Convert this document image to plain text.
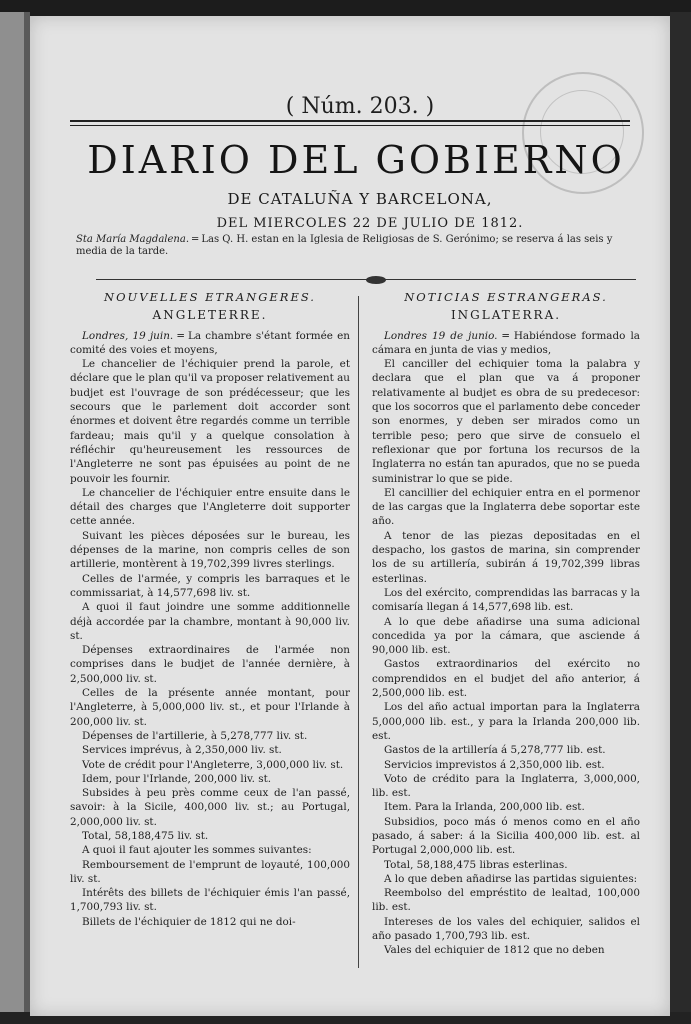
( Núm. 203. )
DIARIO DEL GOBIERNO
DE CATALUÑA Y BARCELONA,
DEL MIERCOLES 22 DE JULIO DE 1812.
Sta María Magdalena. ═ Las Q. H. estan en la Iglesia de Religiosas de S. Gerónimo; se reserva á las seis y media de la tarde.
NOUVELLES ETRANGERES.
ANGLETERRE.

Londres, 19 juin. ═ La chambre s'étant formée en comité des voies et moyens,

Le chancelier de l'échiquier prend la parole, et déclare que le plan qu'il va proposer relativement au budjet est l'ouvrage de son prédécesseur; que les secours que le parlement doit accorder sont énormes et doivent être regardés comme un terrible fardeau; mais qu'il y a quelque consolation à réfléchir qu'heureusement les ressources de l'Angleterre ne sont pas épuisées au point de ne pouvoir les fournir.

Le chancelier de l'échiquier entre ensuite dans le détail des charges que l'Angleterre doit supporter cette année.

Suivant les pièces déposées sur le bureau, les dépenses de la marine, non compris celles de son artillerie, montèrent à 19,702,399 livres sterlings.

Celles de l'armée, y compris les barraques et le commissariat, à 14,577,698 liv. st.

A quoi il faut joindre une somme additionnelle déjà accordée par la chambre, montant à 90,000 liv. st.

Dépenses extraordinaires de l'armée non comprises dans le budjet de l'année dernière, à 2,500,000 liv. st.

Celles de la présente année montant, pour l'Angleterre, à 5,000,000 liv. st., et pour l'Irlande à 200,000 liv. st.

Dépenses de l'artillerie, à 5,278,777 liv. st.

Services imprévus, à 2,350,000 liv. st.

Vote de crédit pour l'Angleterre, 3,000,000 liv. st.

Idem, pour l'Irlande, 200,000 liv. st.

Subsides à peu près comme ceux de l'an passé, savoir: à la Sicile, 400,000 liv. st.; au Portugal, 2,000,000 liv. st.

Total, 58,188,475 liv. st.

A quoi il faut ajouter les sommes suivantes:

Remboursement de l'emprunt de loyauté, 100,000 liv. st.

Intérêts des billets de l'échiquier émis l'an passé, 1,700,793 liv. st.

Billets de l'échiquier de 1812 qui ne doi-

NOTICIAS ESTRANGERAS.
INGLATERRA.

Londres 19 de junio. ═ Habiéndose formado la cámara en junta de vias y medios,

El canciller del echiquier toma la palabra y declara que el plan que va á proponer relativamente al budjet es obra de su predecesor: que los socorros que el parlamento debe conceder son enormes, y deben ser mirados como un terrible peso; pero que sirve de consuelo el reflexionar que por fortuna los recursos de la Inglaterra no están tan apurados, que no se pueda suministrar lo que se pide.

El cancillier del echiquier entra en el pormenor de las cargas que la Inglaterra debe soportar este año.

A tenor de las piezas depositadas en el despacho, los gastos de marina, sin comprender los de su artillería, subirán á 19,702,399 libras esterlinas.

Los del exército, comprendidas las barracas y la comisaría llegan á 14,577,698 lib. est.

A lo que debe añadirse una suma adicional concedida ya por la cámara, que asciende á 90,000 lib. est.

Gastos extraordinarios del exército no comprendidos en el budjet del año anterior, á 2,500,000 lib. est.

Los del año actual importan para la Inglaterra 5,000,000 lib. est., y para la Irlanda 200,000 lib. est.

Gastos de la artillería á 5,278,777 lib. est.

Servicios imprevistos á 2,350,000 lib. est.

Voto de crédito para la Inglaterra, 3,000,000, lib. est.

Item. Para la Irlanda, 200,000 lib. est.

Subsidios, poco más ó menos como en el año pasado, á saber: á la Sicilia 400,000 lib. est. al Portugal 2,000,000 lib. est.

Total, 58,188,475 libras esterlinas.

A lo que deben añadirse las partidas siguientes:

Reembolso del empréstito de lealtad, 100,000 lib. est.

Intereses de los vales del echiquier, salidos el año pasado 1,700,793 lib. est.

Vales del echiquier de 1812 que no deben
